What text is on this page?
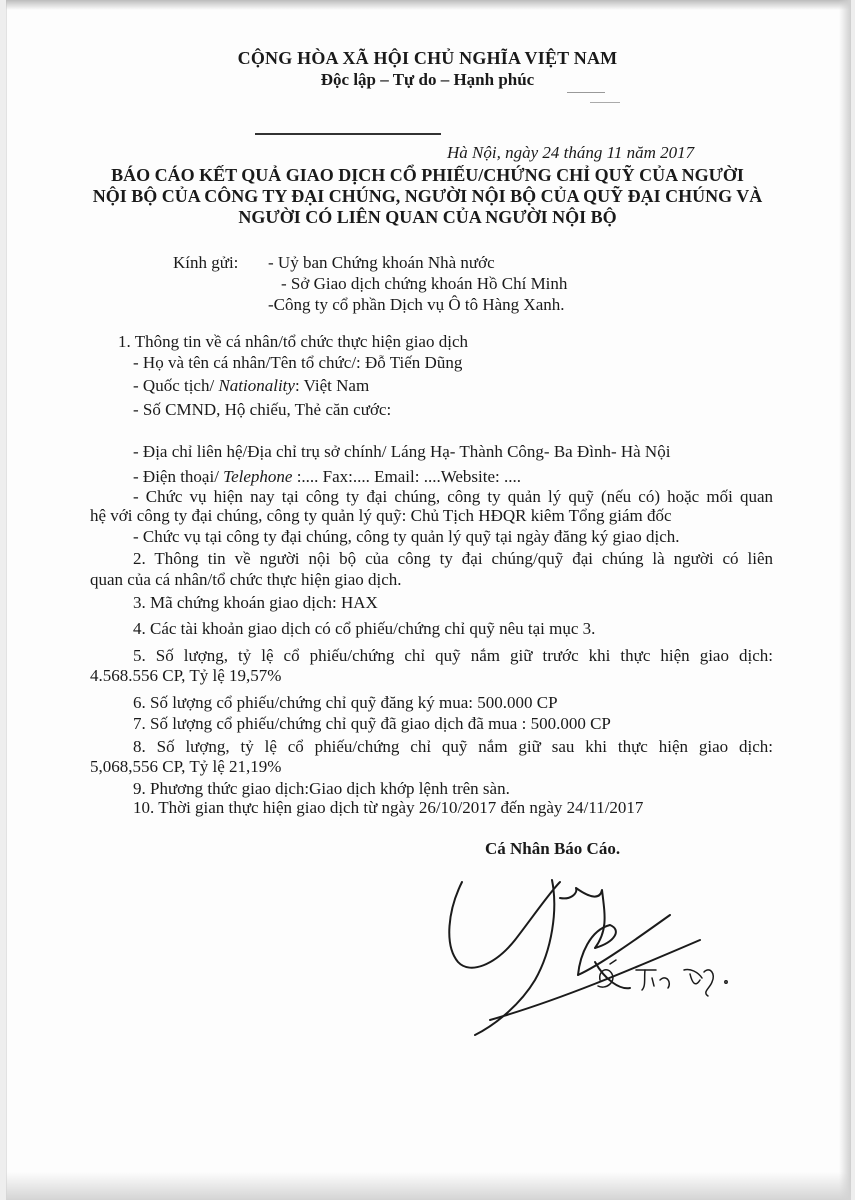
CỘNG HÒA XÃ HỘI CHỦ NGHĨA VIỆT NAM
Độc lập – Tự do – Hạnh phúc
Hà Nội, ngày 24 tháng 11 năm 2017
BÁO CÁO KẾT QUẢ GIAO DỊCH CỔ PHIẾU/CHỨNG CHỈ QUỸ CỦA NGƯỜI
NỘI BỘ CỦA CÔNG TY ĐẠI CHÚNG, NGƯỜI NỘI BỘ CỦA QUỸ ĐẠI CHÚNG VÀ
NGƯỜI CÓ LIÊN QUAN CỦA NGƯỜI NỘI BỘ
Kính gửi: - Uỷ ban Chứng khoán Nhà nước
- Sở Giao dịch chứng khoán Hồ Chí Minh
-Công ty cổ phần Dịch vụ Ô tô Hàng Xanh.
1. Thông tin về cá nhân/tổ chức thực hiện giao dịch
- Họ và tên cá nhân/Tên tổ chức/: Đỗ Tiến Dũng
- Quốc tịch/ Nationality: Việt Nam
- Số CMND, Hộ chiếu, Thẻ căn cước:
- Địa chỉ liên hệ/Địa chỉ trụ sở chính/ Láng Hạ- Thành Công- Ba Đình- Hà Nội
- Điện thoại/ Telephone :.... Fax:.... Email: ....Website: ....
- Chức vụ hiện nay tại công ty đại chúng, công ty quản lý quỹ (nếu có) hoặc mối quan
hệ với công ty đại chúng, công ty quản lý quỹ: Chủ Tịch HĐQR kiêm Tổng giám đốc
- Chức vụ tại công ty đại chúng, công ty quản lý quỹ tại ngày đăng ký giao dịch.
2. Thông tin về người nội bộ của công ty đại chúng/quỹ đại chúng là người có liên
quan của cá nhân/tổ chức thực hiện giao dịch.
3. Mã chứng khoán giao dịch: HAX
4. Các tài khoản giao dịch có cổ phiếu/chứng chỉ quỹ nêu tại mục 3.
5. Số lượng, tỷ lệ cổ phiếu/chứng chỉ quỹ nắm giữ trước khi thực hiện giao dịch:
4.568.556 CP, Tỷ lệ 19,57%
6. Số lượng cổ phiếu/chứng chỉ quỹ đăng ký mua: 500.000 CP
7. Số lượng cổ phiếu/chứng chỉ quỹ đã giao dịch đã mua : 500.000 CP
8. Số lượng, tỷ lệ cổ phiếu/chứng chỉ quỹ nắm giữ sau khi thực hiện giao dịch:
5,068,556 CP, Tỷ lệ 21,19%
9. Phương thức giao dịch:Giao dịch khớp lệnh trên sàn.
10. Thời gian thực hiện giao dịch từ ngày 26/10/2017 đến ngày 24/11/2017
Cá Nhân Báo Cáo.
